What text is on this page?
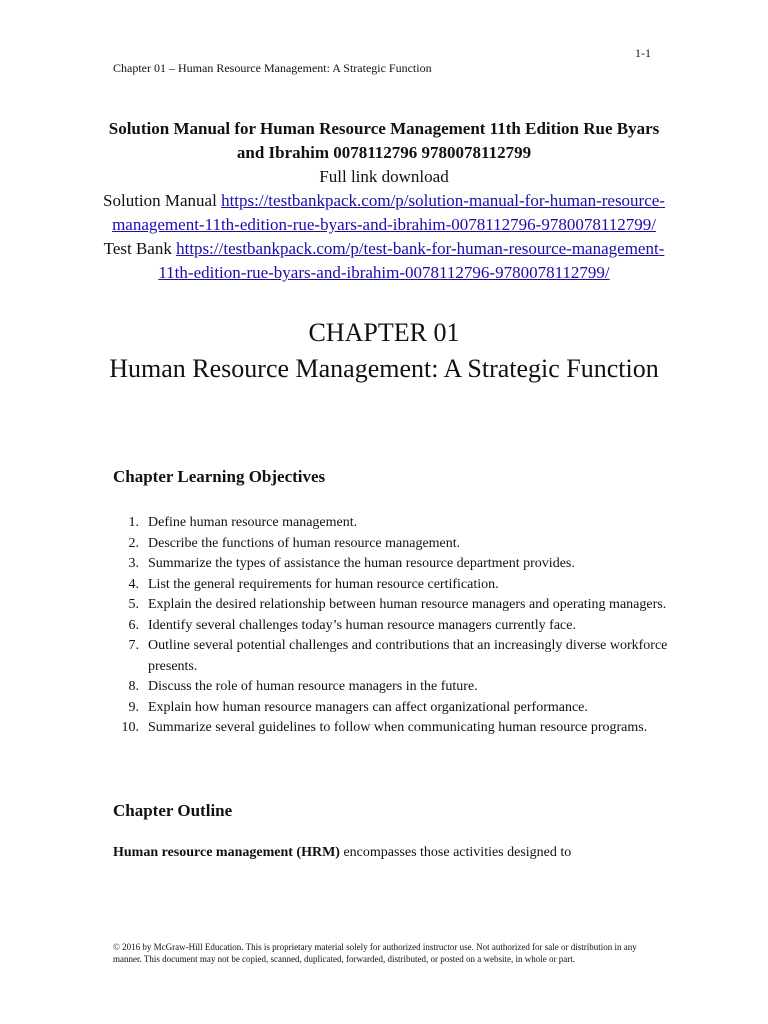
1-1
Chapter 01 – Human Resource Management: A Strategic Function
Solution Manual for Human Resource Management 11th Edition Rue Byars and Ibrahim 0078112796 9780078112799
Full link download
Solution Manual https://testbankpack.com/p/solution-manual-for-human-resource-management-11th-edition-rue-byars-and-ibrahim-0078112796-9780078112799/ Test Bank https://testbankpack.com/p/test-bank-for-human-resource-management-11th-edition-rue-byars-and-ibrahim-0078112796-9780078112799/
CHAPTER 01
Human Resource Management: A Strategic Function
Chapter Learning Objectives
1. Define human resource management.
2. Describe the functions of human resource management.
3. Summarize the types of assistance the human resource department provides.
4. List the general requirements for human resource certification.
5. Explain the desired relationship between human resource managers and operating managers.
6. Identify several challenges today’s human resource managers currently face.
7. Outline several potential challenges and contributions that an increasingly diverse workforce presents.
8. Discuss the role of human resource managers in the future.
9. Explain how human resource managers can affect organizational performance.
10. Summarize several guidelines to follow when communicating human resource programs.
Chapter Outline
Human resource management (HRM) encompasses those activities designed to
© 2016 by McGraw-Hill Education. This is proprietary material solely for authorized instructor use. Not authorized for sale or distribution in any manner. This document may not be copied, scanned, duplicated, forwarded, distributed, or posted on a website, in whole or part.
